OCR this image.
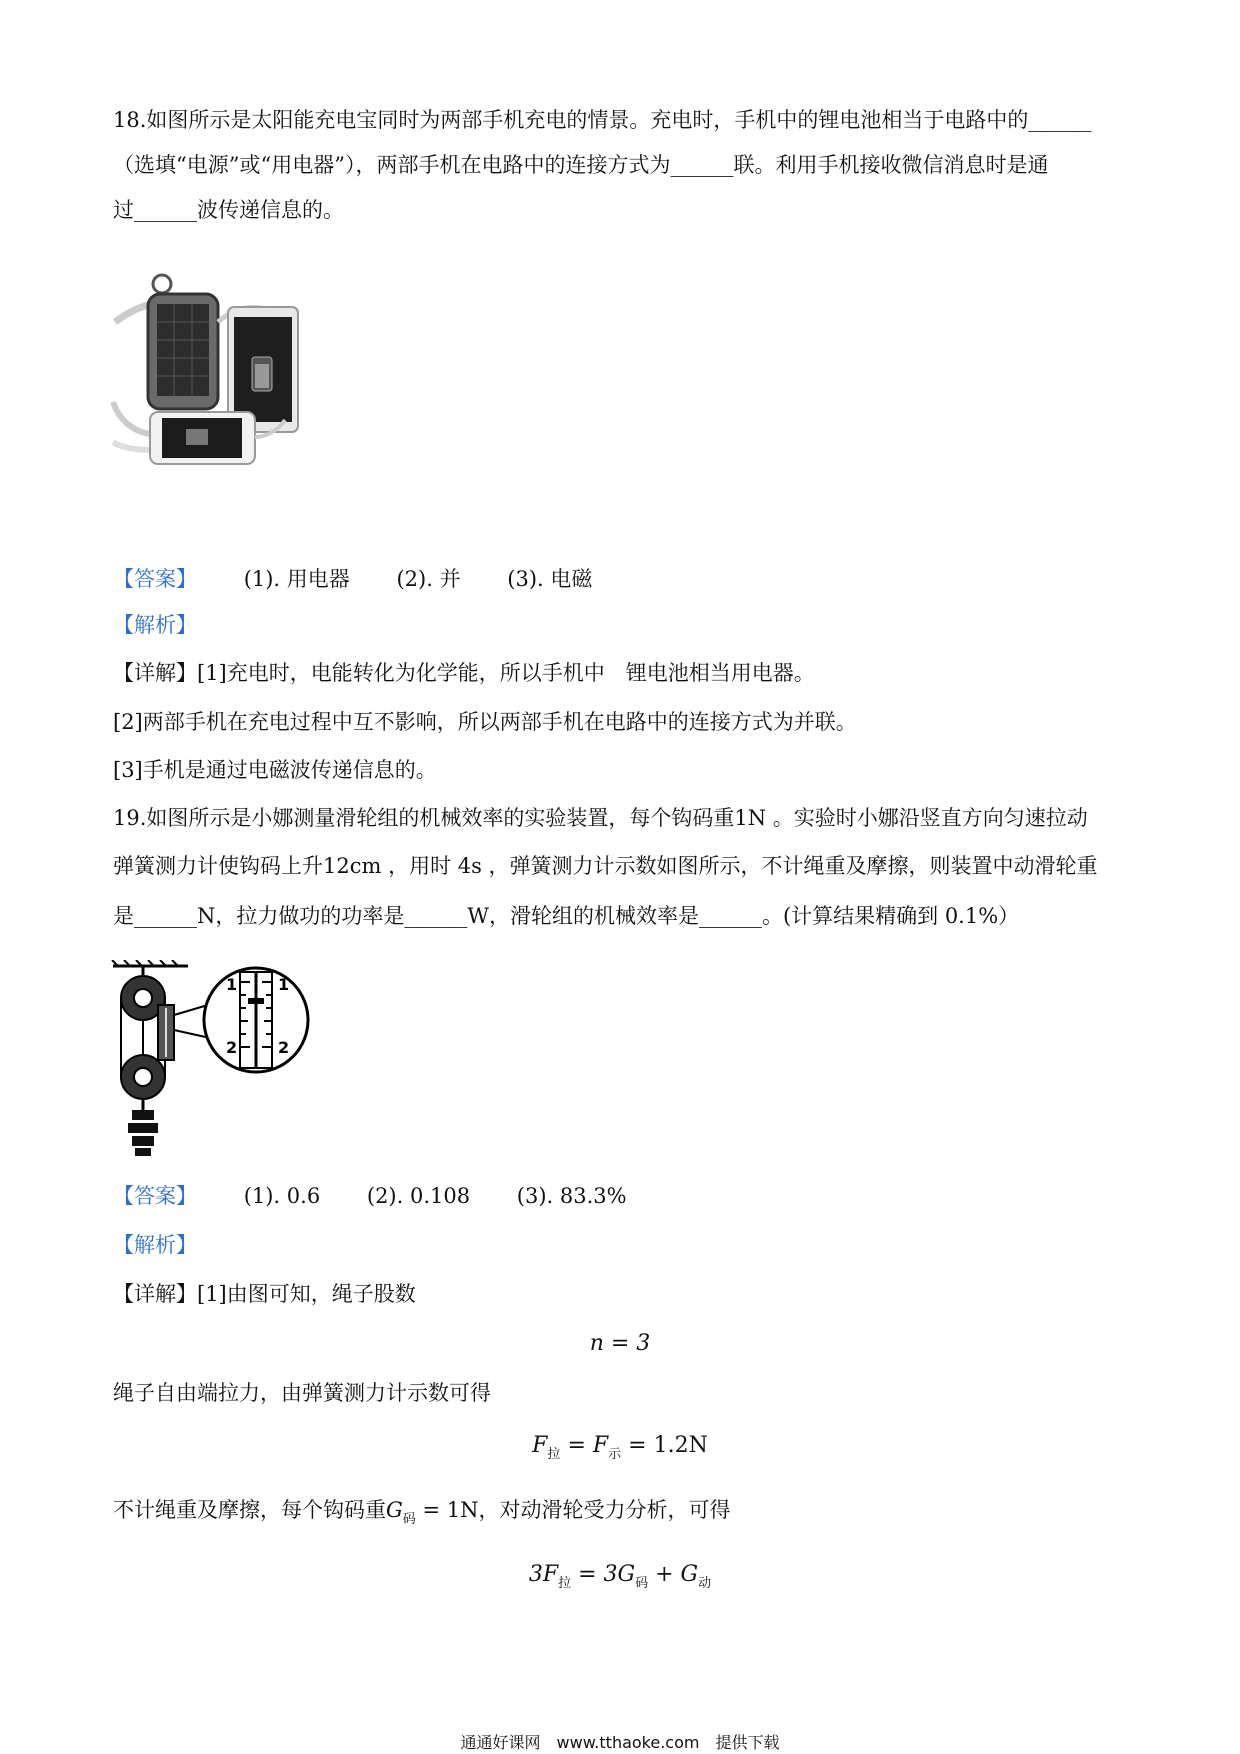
18.如图所示是太阳能充电宝同时为两部手机充电的情景。充电时，手机中的锂电池相当于电路中的______
（选填“电源”或“用电器”），两部手机在电路中的连接方式为______联。利用手机接收微信消息时是通
过______波传递信息的。
【答案】 (1). 用电器 (2). 并 (3). 电磁
【解析】
【详解】[1]充电时，电能转化为化学能，所以手机中　锂电池相当用电器。
[2]两部手机在充电过程中互不影响，所以两部手机在电路中的连接方式为并联。
[3]手机是通过电磁波传递信息的。
19.如图所示是小娜测量滑轮组的机械效率的实验装置，每个钩码重1N 。实验时小娜沿竖直方向匀速拉动
弹簧测力计使钩码上升12cm ，用时 4s ，弹簧测力计示数如图所示，不计绳重及摩擦，则装置中动滑轮重
是______N，拉力做功的功率是______W，滑轮组的机械效率是______。(计算结果精确到 0.1%）
1	1
2	2
【答案】 (1). 0.6 (2). 0.108 (3). 83.3%
【解析】
【详解】[1]由图可知，绳子股数
n = 3
绳子自由端拉力，由弹簧测力计示数可得
$F_拉 = F_示 = 1.2N$
不计绳重及摩擦，每个钩码重$G_码 = 1N$，对动滑轮受力分析，可得
$3F_拉 = 3G_码 + G_动$
通通好课网　www.tthaoke.com　提供下载
